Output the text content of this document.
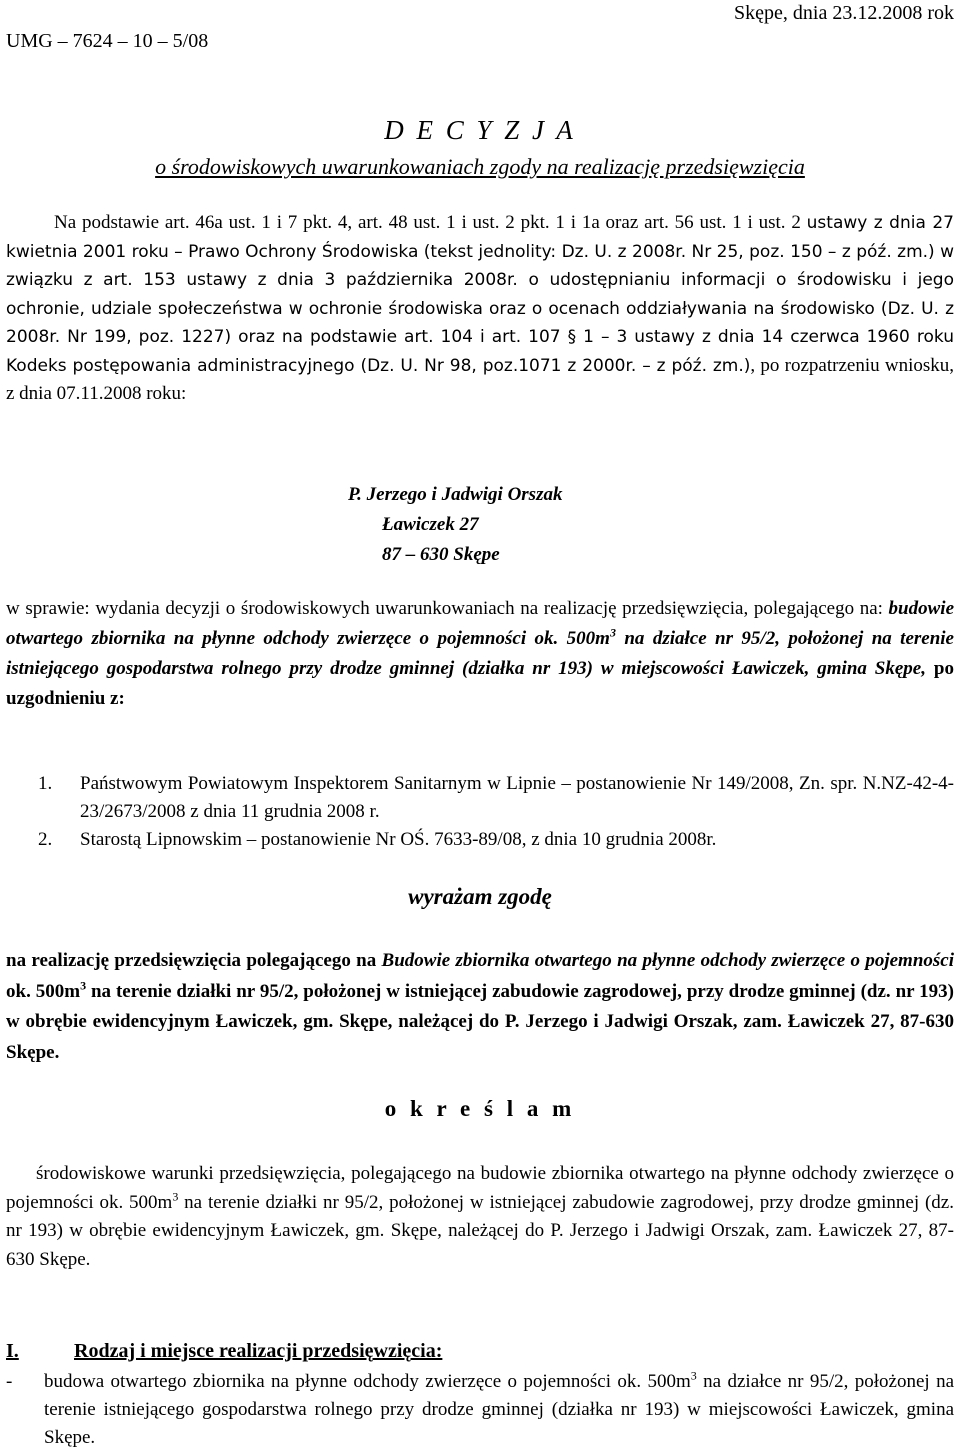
UMG – 7624 – 10 – 5/08
Skępe, dnia 23.12.2008 rok
D E C Y Z J A
o środowiskowych uwarunkowaniach zgody na realizację przedsięwzięcia
Na podstawie art. 46a ust. 1 i 7 pkt. 4, art. 48 ust. 1 i ust. 2 pkt. 1 i 1a oraz art. 56 ust. 1 i ust. 2 ustawy z dnia 27 kwietnia 2001 roku – Prawo Ochrony Środowiska (tekst jednolity: Dz. U. z 2008r. Nr 25, poz. 150 – z póź. zm.) w związku z art. 153 ustawy z dnia 3 października 2008r. o udostępnianiu informacji o środowisku i jego ochronie, udziale społeczeństwa w ochronie środowiska oraz o ocenach oddziaływania na środowisko (Dz. U. z 2008r. Nr 199, poz. 1227) oraz na podstawie art. 104 i art. 107 § 1 – 3 ustawy z dnia 14 czerwca 1960 roku Kodeks postępowania administracyjnego (Dz. U. Nr 98, poz.1071 z 2000r. – z póź. zm.), po rozpatrzeniu wniosku, z dnia 07.11.2008 roku:
P. Jerzego i Jadwigi Orszak
Ławiczek 27
87 – 630 Skępe
w sprawie: wydania decyzji o środowiskowych uwarunkowaniach na realizację przedsięwzięcia, polegającego na: budowie otwartego zbiornika na płynne odchody zwierzęce o pojemności ok. $500m^3$ na działce nr 95/2, położonej na terenie istniejącego gospodarstwa rolnego przy drodze gminnej (działka nr 193) w miejscowości Ławiczek, gmina Skępe, po uzgodnieniu z:
1.	Państwowym Powiatowym Inspektorem Sanitarnym w Lipnie – postanowienie Nr 149/2008, Zn. spr. N.NZ-42-4-23/2673/2008 z dnia 11 grudnia 2008 r.
2.	Starostą Lipnowskim – postanowienie Nr OŚ. 7633-89/08, z dnia 10 grudnia 2008r.
wyrażam zgodę
na realizację przedsięwzięcia polegającego na Budowie zbiornika otwartego na płynne odchody zwierzęce o pojemności ok. $500m^3$ na terenie działki nr 95/2, położonej w istniejącej zabudowie zagrodowej, przy drodze gminnej (dz. nr 193) w obrębie ewidencyjnym Ławiczek, gm. Skępe, należącej do P. Jerzego i Jadwigi Orszak, zam. Ławiczek 27, 87-630 Skępe.
o k r e ś l a m
środowiskowe warunki przedsięwzięcia, polegającego na budowie zbiornika otwartego na płynne odchody zwierzęce o pojemności ok. $500m^3$ na terenie działki nr 95/2, położonej w istniejącej zabudowie zagrodowej, przy drodze gminnej (dz. nr 193) w obrębie ewidencyjnym Ławiczek, gm. Skępe, należącej do P. Jerzego i Jadwigi Orszak, zam. Ławiczek 27, 87-630 Skępe.
I.	Rodzaj i miejsce realizacji przedsięwzięcia:
-	budowa otwartego zbiornika na płynne odchody zwierzęce o pojemności ok. $500m^3$ na działce nr 95/2, położonej na terenie istniejącego gospodarstwa rolnego przy drodze gminnej (działka nr 193) w miejscowości Ławiczek, gmina Skępe.
